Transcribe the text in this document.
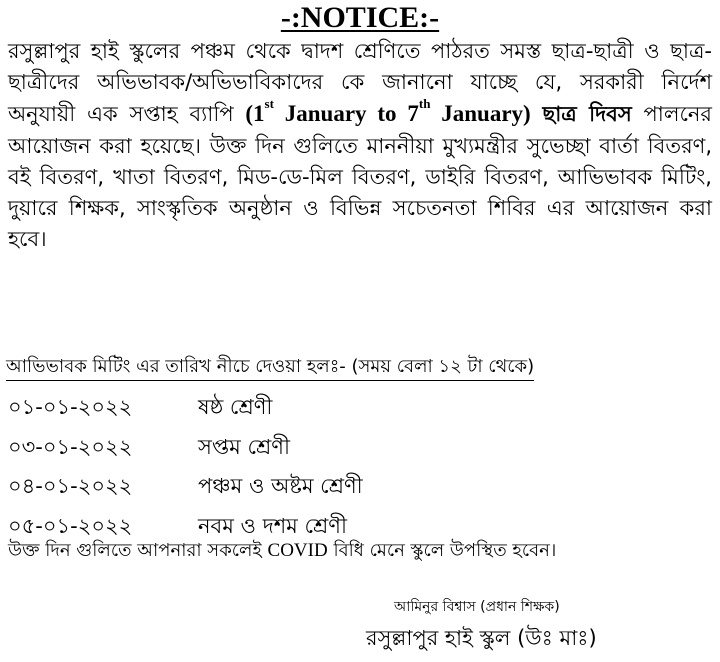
-:NOTICE:-
রসুল্লাপুর হাই স্কুলের পঞ্চম থেকে দ্বাদশ শ্রেণিতে পাঠরত সমস্ত ছাত্র-ছাত্রী ও ছাত্র-ছাত্রীদের অভিভাবক/অভিভাবিকাদের কে জানানো যাচ্ছে যে, সরকারী নির্দেশ অনুযায়ী এক সপ্তাহ ব্যাপি (1st January to 7th January) ছাত্র দিবস পালনের আয়োজন করা হয়েছে। উক্ত দিন গুলিতে মাননীয়া মুখ্যমন্ত্রীর সুভেচ্ছা বার্তা বিতরণ, বই বিতরণ, খাতা বিতরণ, মিড-ডে-মিল বিতরণ, ডাইরি বিতরণ, আভিভাবক মিটিং, দুয়ারে শিক্ষক, সাংস্কৃতিক অনুষ্ঠান ও বিভিন্ন সচেতনতা শিবির এর আয়োজন করা হবে।
আভিভাবক মিটিং এর তারিখ নীচে দেওয়া হলঃ- (সময় বেলা ১২ টা থেকে)
০১-০১-২০২২	ষষ্ঠ শ্রেণী
০৩-০১-২০২২	সপ্তম শ্রেণী
০৪-০১-২০২২	পঞ্চম ও অষ্টম শ্রেণী
০৫-০১-২০২২	নবম ও দশম শ্রেণী
উক্ত দিন গুলিতে আপনারা সকলেই COVID বিধি মেনে স্কুলে উপস্থিত হবেন।
আমিনুর বিশ্বাস (প্রধান শিক্ষক)
রসুল্লাপুর হাই স্কুল (উঃ মাঃ)
